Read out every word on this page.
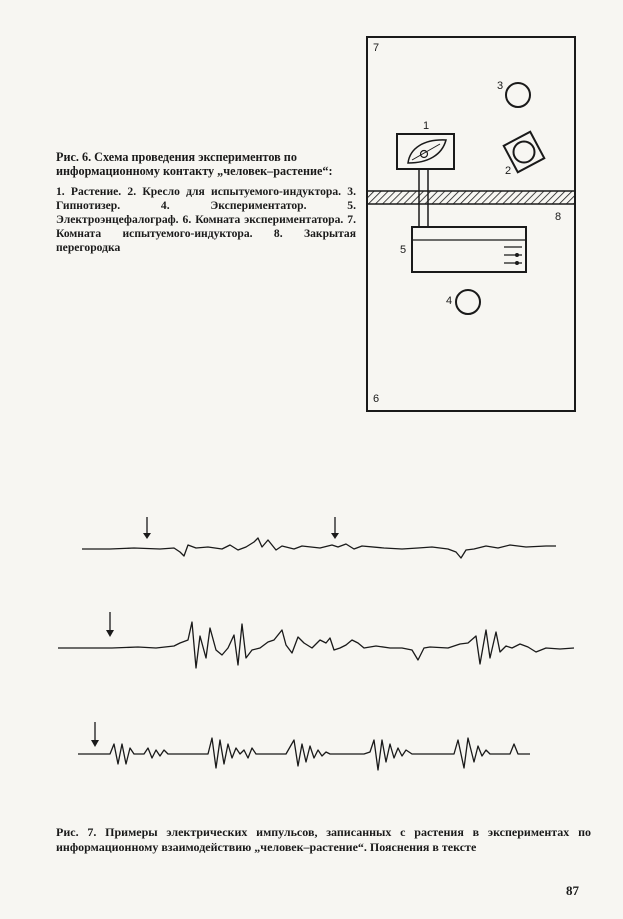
Рис. 6. Схема проведения экспериментов по информационному контакту „человек–растение“:

1. Растение. 2. Кресло для испытуемого-индуктора. 3. Гипнотизер. 4. Экспериментатор. 5. Электроэнцефалограф. 6. Комната экспериментатора. 7. Комната испытуемого-индуктора. 8. Закрытая перегородка

7
3
1
2
8
5
4
6

Рис. 7. Примеры электрических импульсов, записанных с растения в экспериментах по информационному взаимодействию „человек–растение“. Пояснения в тексте

87
